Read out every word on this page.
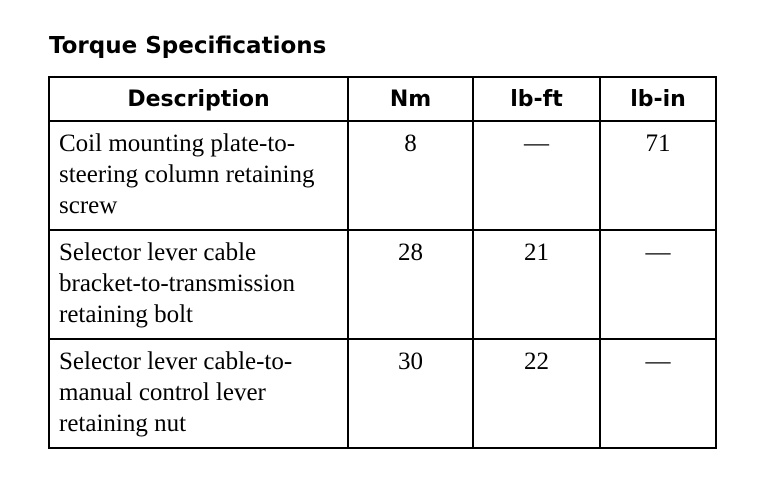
Torque Specifications
Description	Nm	lb-ft	lb-in
Coil mounting plate-to-steering column retaining screw	8	—	71
Selector lever cable bracket-to-transmission retaining bolt	28	21	—
Selector lever cable-to-manual control lever retaining nut	30	22	—
